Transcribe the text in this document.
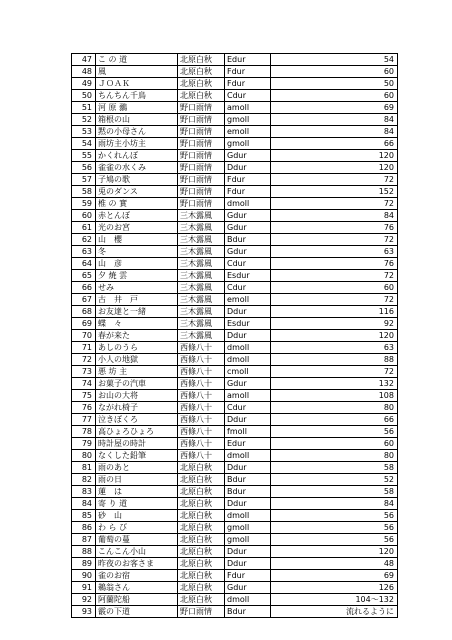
47	こ の 道	北原白秋	Edur	54
48	風	北原白秋	Fdur	60
49	ＪＯＡＫ	北原白秋	Fdur	50
50	ちんちん千鳥	北原白秋	Cdur	60
51	河 原 鶸	野口雨情	amoll	69
52	箱根の山	野口雨情	gmoll	84
53	黙の小母さん	野口雨情	emoll	84
54	雨坊主小坊主	野口雨情	gmoll	66
55	かくれんぼ	野口雨情	Gdur	120
56	雀雀の水くみ	野口雨情	Ddur	120
57	子鳩の歌	野口雨情	Fdur	72
58	兎のダンス	野口雨情	Fdur	152
59	椎 の 實	野口雨情	dmoll	72
60	赤とんぼ	三木露風	Gdur	84
61	光のお宮	三木露風	Gdur	76
62	山　櫻	三木露風	Bdur	72
63	冬	三木露風	Gdur	63
64	山　彦	三木露風	Cdur	76
65	夕 焼 雲	三木露風	Esdur	72
66	せみ	三木露風	Cdur	60
67	古　井　戸	三木露風	emoll	72
68	お友達と一緒	三木露風	Ddur	116
69	蝶　々	三木露風	Esdur	92
70	春が来た	三木露風	Ddur	120
71	あしのうら	西條八十	dmoll	63
72	小人の地獄	西條八十	dmoll	88
73	悪 坊 主	西條八十	cmoll	72
74	お菓子の汽車	西條八十	Gdur	132
75	お山の大将	西條八十	amoll	108
76	ながれ椅子	西條八十	Cdur	80
77	泣きぼくろ	西條八十	Ddur	66
78	高ひょろひょろ	西條八十	fmoll	56
79	時計屋の時計	西條八十	Edur	60
80	なくした鉛筆	西條八十	dmoll	80
81	雨のあと	北原白秋	Ddur	58
82	雨の日	北原白秋	Bdur	52
83	蓮　は	北原白秋	Bdur	58
84	寄 り 道	北原白秋	Ddur	84
85	砂　山	北原白秋	dmoll	56
86	わ ら び	北原白秋	gmoll	56
87	葡萄の蔓	北原白秋	gmoll	56
88	こんこん小山	北原白秋	Ddur	120
89	昨夜のお客さま	北原白秋	Ddur	48
90	雀のお宿	北原白秋	Fdur	69
91	鵜翁さん	北原白秋	Gdur	126
92	阿蘭陀船	北原白秋	dmoll	104～132
93	霰の下道	野口雨情	Bdur	流れるように
